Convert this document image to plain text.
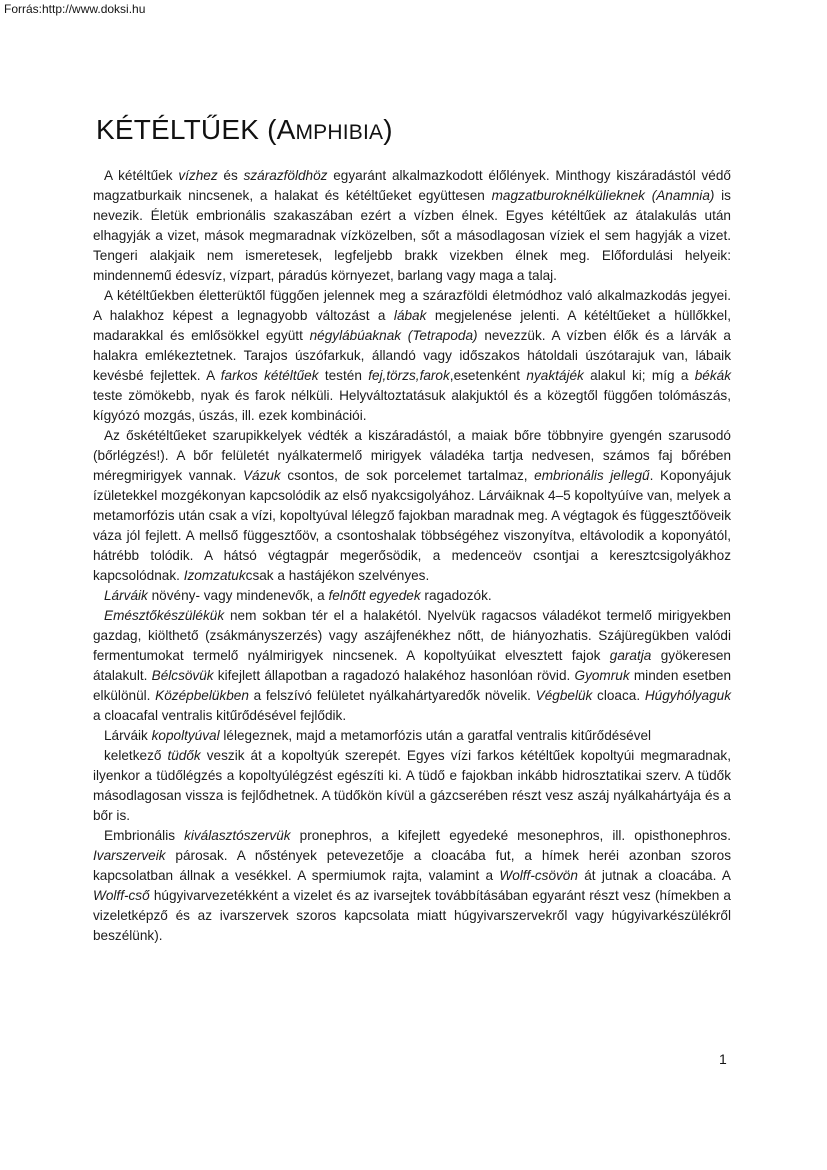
Forrás:http://www.doksi.hu
KÉTÉLTŰEK (AMPHIBIA)

A kétéltűek vízhez és szárazföldhöz egyaránt alkalmazkodott élőlények. Minthogy kiszáradástól védő magzatburkaik nincsenek, a halakat és kétéltűeket együttesen magzatburoknélkülieknek (Anamnia) is nevezik. Életük embrionális szakaszában ezért a vízben élnek. Egyes kétéltűek az átalakulás után elhagyják a vizet, mások megmaradnak vízközelben, sőt a másodlagosan víziek el sem hagyják a vizet. Tengeri alakjaik nem ismeretesek, legfeljebb brakk vizekben élnek meg. Előfordulási helyeik: mindennemű édesvíz, vízpart, páradús környezet, barlang vagy maga a talaj.

A kétéltűekben életterüktől függően jelennek meg a szárazföldi életmódhoz való alkalmazkodás jegyei. A halakhoz képest a legnagyobb változást a lábak megjelenése jelenti. A kétéltűeket a hüllőkkel, madarakkal és emlősökkel együtt négylábúaknak (Tetrapoda) nevezzük. A vízben élők és a lárvák a halakra emlékeztetnek. Tarajos úszófarkuk, állandó vagy időszakos hátoldali úszótarajuk van, lábaik kevésbé fejlettek. A farkos kétéltűek testén fej,törzs,farok,esetenként nyaktájék alakul ki; míg a békák teste zömökebb, nyak és farok nélküli. Helyváltoztatásuk alakjuktól és a közegtől függően tolómászás, kígyózó mozgás, úszás, ill. ezek kombinációi.

Az őskétéltűeket szarupikkelyek védték a kiszáradástól, a maiak bőre többnyire gyengén szarusodó (bőrlégzés!). A bőr felületét nyálkatermelő mirigyek váladéka tartja nedvesen, számos faj bőrében méregmirigyek vannak. Vázuk csontos, de sok porcelemet tartalmaz, embrionális jellegű. Koponyájuk ízületekkel mozgékonyan kapcsolódik az első nyakcsigolyához. Lárváiknak 4–5 kopoltyúíve van, melyek a metamorfózis után csak a vízi, kopoltyúval lélegző fajokban maradnak meg. A végtagok és függesztőöveik váza jól fejlett. A mellső függesztőöv, a csontoshalak többségéhez viszonyítva, eltávolodik a koponyától, hátrébb tolódik. A hátsó végtagpár megerősödik, a medenceöv csontjai a keresztcsigolyákhoz kapcsolódnak. Izomzatukcsak a hastájékon szelvényes.

Lárváik növény- vagy mindenevők, a felnőtt egyedek ragadozók.

Emésztőkészülékük nem sokban tér el a halakétól. Nyelvük ragacsos váladékot termelő mirigyekben gazdag, kiölthető (zsákmányszerzés) vagy aszájfenékhez nőtt, de hiányozhatis. Szájüregükben valódi fermentumokat termelő nyálmirigyek nincsenek. A kopoltyúikat elvesztett fajok garatja gyökeresen átalakult. Bélcsövük kifejlett állapotban a ragadozó halakéhoz hasonlóan rövid. Gyomruk minden esetben elkülönül. Középbelükben a felszívó felületet nyálkahártyaredők növelik. Végbelük cloaca. Húgyhólyaguk a cloacafal ventralis kitűrődésével fejlődik.

Lárváik kopoltyúval lélegeznek, majd a metamorfózis után a garatfal ventralis kitűrődésével

keletkező tüdők veszik át a kopoltyúk szerepét. Egyes vízi farkos kétéltűek kopoltyúi megmaradnak, ilyenkor a tüdőlégzés a kopoltyúlégzést egészíti ki. A tüdő e fajokban inkább hidrosztatikai szerv. A tüdők másodlagosan vissza is fejlődhetnek. A tüdőkön kívül a gázcserében részt vesz aszáj nyálkahártyája és a bőr is.

Embrionális kiválasztószervük pronephros, a kifejlett egyedeké mesonephros, ill. opisthonephros. Ivarszerveik párosak. A nőstények petevezetője a cloacába fut, a hímek heréi azonban szoros kapcsolatban állnak a vesékkel. A spermiumok rajta, valamint a Wolff-csövön át jutnak a cloacába. A Wolff-cső húgyivarvezetékként a vizelet és az ivarsejtek továbbításában egyaránt részt vesz (hímekben a vizeletképző és az ivarszervek szoros kapcsolata miatt húgyivarszervekről vagy húgyivarkészülékről beszélünk).

1
